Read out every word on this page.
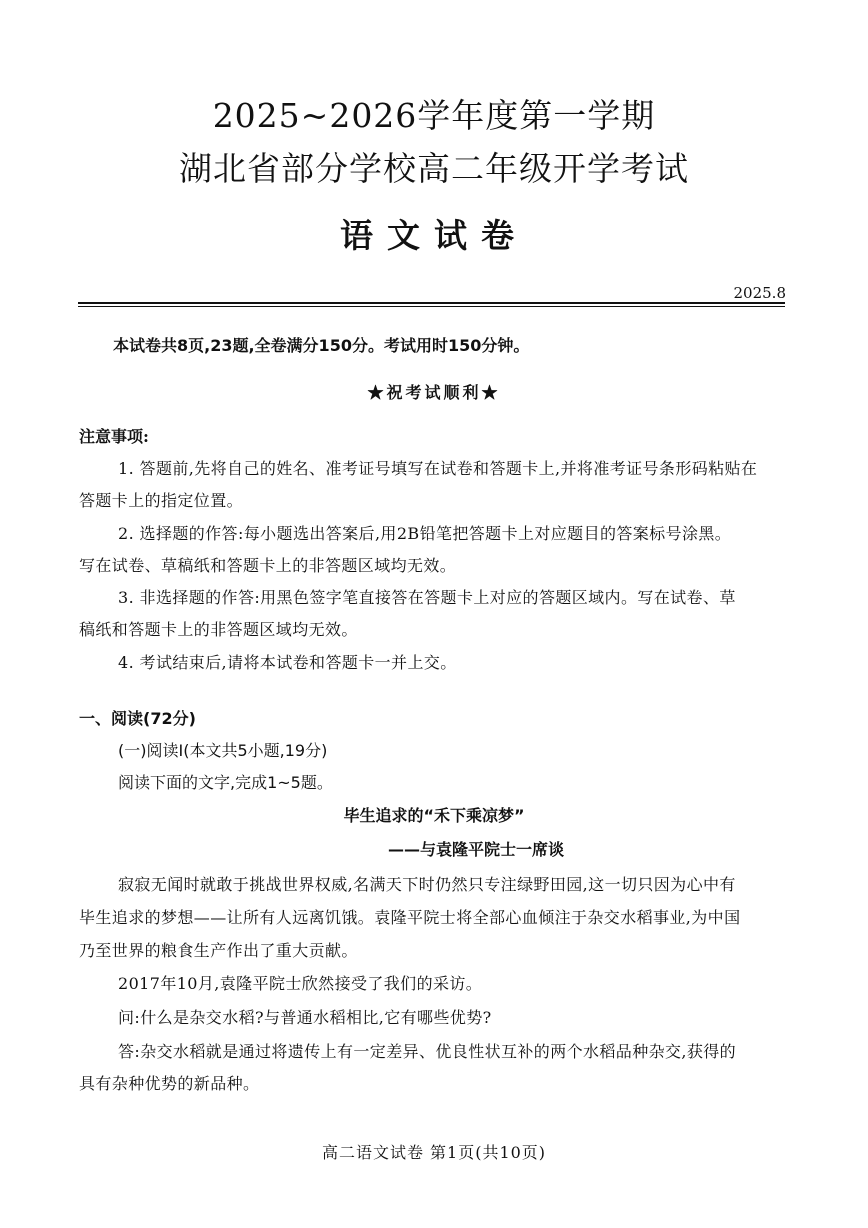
2025~2026学年度第一学期
湖北省部分学校高二年级开学考试
语文试卷
2025.8
本试卷共8页,23题,全卷满分150分。考试用时150分钟。
★祝考试顺利★
注意事项:
1. 答题前,先将自己的姓名、准考证号填写在试卷和答题卡上,并将准考证号条形码粘贴在
答题卡上的指定位置。
2. 选择题的作答:每小题选出答案后,用2B铅笔把答题卡上对应题目的答案标号涂黑。
写在试卷、草稿纸和答题卡上的非答题区域均无效。
3. 非选择题的作答:用黑色签字笔直接答在答题卡上对应的答题区域内。写在试卷、草
稿纸和答题卡上的非答题区域均无效。
4. 考试结束后,请将本试卷和答题卡一并上交。
一、阅读(72分)
(一)阅读Ⅰ(本文共5小题,19分)
阅读下面的文字,完成1~5题。
毕生追求的“禾下乘凉梦”
——与袁隆平院士一席谈
寂寂无闻时就敢于挑战世界权威,名满天下时仍然只专注绿野田园,这一切只因为心中有
毕生追求的梦想——让所有人远离饥饿。袁隆平院士将全部心血倾注于杂交水稻事业,为中国
乃至世界的粮食生产作出了重大贡献。
2017年10月,袁隆平院士欣然接受了我们的采访。
问:什么是杂交水稻?与普通水稻相比,它有哪些优势?
答:杂交水稻就是通过将遗传上有一定差异、优良性状互补的两个水稻品种杂交,获得的
具有杂种优势的新品种。
高二语文试卷 第1页(共10页)
